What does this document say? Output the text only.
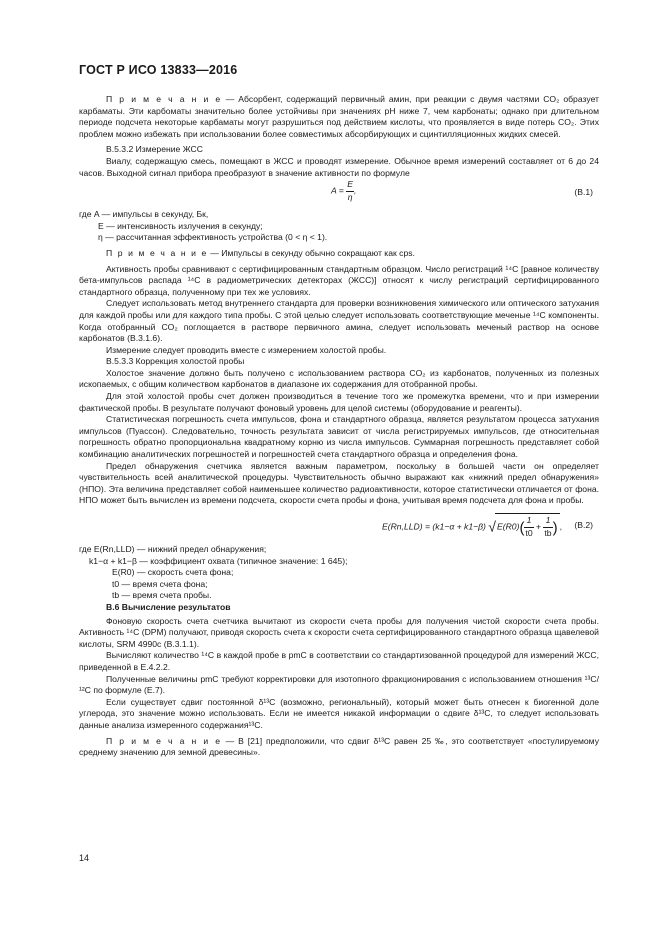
ГОСТ Р ИСО 13833—2016

П р и м е ч а н и е — Абсорбент, содержащий первичный амин, при реакции с двумя частями CO₂ образует карбаматы. Эти карбоматы значительно более устойчивы при значениях pH ниже 7, чем карбонаты; однако при длительном периоде подсчета некоторые карбаматы могут разрушиться под действием кислоты, что проявляется в виде потерь CO₂. Этих проблем можно избежать при использовании более совместимых абсорбирующих и сцинтилляционных жидких смесей.

В.5.3.2 Измерение ЖСС

Виалу, содержащую смесь, помещают в ЖСС и проводят измерение. Обычное время измерений составляет от 6 до 24 часов. Выходной сигнал прибора преобразуют в значение активности по формуле

$A = \frac{E}{\eta}$ ,	(В.1)
где A — импульсы в секунду, Бк,
E — интенсивность излучения в секунду;
η — рассчитанная эффективность устройства (0 < η < 1).

П р и м е ч а н и е — Импульсы в секунду обычно сокращают как cps.

Активность пробы сравнивают с сертифицированным стандартным образцом. Число регистраций ¹⁴C [равное количеству бета-импульсов распада ¹⁴C в радиометрических детекторах (ЖСС)] относят к числу регистраций сертифицированного стандартного образца, полученному при тех же условиях.

Следует использовать метод внутреннего стандарта для проверки возникновения химического или оптического затухания для каждой пробы или для каждого типа пробы. С этой целью следует использовать соответствующие меченые ¹⁴C компоненты. Когда отобранный CO₂ поглощается в растворе первичного амина, следует использовать меченый раствор на основе карбонатов (В.3.1.6).

Измерение следует проводить вместе с измерением холостой пробы.

В.5.3.3 Коррекция холостой пробы

Холостое значение должно быть получено с использованием раствора CO₂ из карбонатов, полученных из полезных ископаемых, с общим количеством карбонатов в диапазоне их содержания для отобранной пробы.

Для этой холостой пробы счет должен производиться в течение того же промежутка времени, что и при измерении фактической пробы. В результате получают фоновый уровень для целой системы (оборудование и реагенты).

Статистическая погрешность счета импульсов, фона и стандартного образца, является результатом процесса затухания импульсов (Пуассон). Следовательно, точность результата зависит от числа регистрируемых импульсов, где относительная погрешность обратно пропорциональна квадратному корню из числа импульсов. Суммарная погрешность представляет собой комбинацию аналитических погрешностей и погрешностей счета стандартного образца и определения фона.

Предел обнаружения счетчика является важным параметром, поскольку в большей части он определяет чувствительность всей аналитической процедуры. Чувствительность обычно выражают как «нижний предел обнаружения» (НПО). Эта величина представляет собой наименьшее количество радиоактивности, которое статистически отличается от фона. НПО может быть вычислен из времени подсчета, скорости счета пробы и фона, учитывая время подсчета для фона и пробы.

E(Rn,LLD) = (k1−α + k1−β) $√E(R0)( \frac{1}{t0} + \frac{1}{tb}$ ) , (В.2)
где E(Rn,LLD) — нижний предел обнаружения;
k1−α + k1−β — коэффициент охвата (типичное значение: 1 645);
E(R0) — скорость счета фона;
t0 — время счета фона;
tb — время счета пробы.

В.6 Вычисление результатов

Фоновую скорость счета счетчика вычитают из скорости счета пробы для получения чистой скорости счета пробы. Активность ¹⁴C (DPM) получают, приводя скорость счета к скорости счета сертифицированного стандартного образца щавелевой кислоты, SRM 4990c (В.3.1.1).

Вычисляют количество ¹⁴C в каждой пробе в pmC в соответствии со стандартизованной процедурой для измерений ЖСС, приведенной в Е.4.2.2.

Полученные величины pmC требуют корректировки для изотопного фракционирования с использованием отношения ¹³C/¹²C по формуле (Е.7).

Если существует сдвиг постоянной δ¹³C (возможно, региональный), который может быть отнесен к биогенной доле углерода, это значение можно использовать. Если не имеется никакой информации о сдвиге δ¹³C, то следует использовать данные анализа измеренного содержания¹³C.

П р и м е ч а н и е — В [21] предположили, что сдвиг δ¹³C равен 25 ‰, это соответствует «постулируемому среднему значению для земной древесины».

14
